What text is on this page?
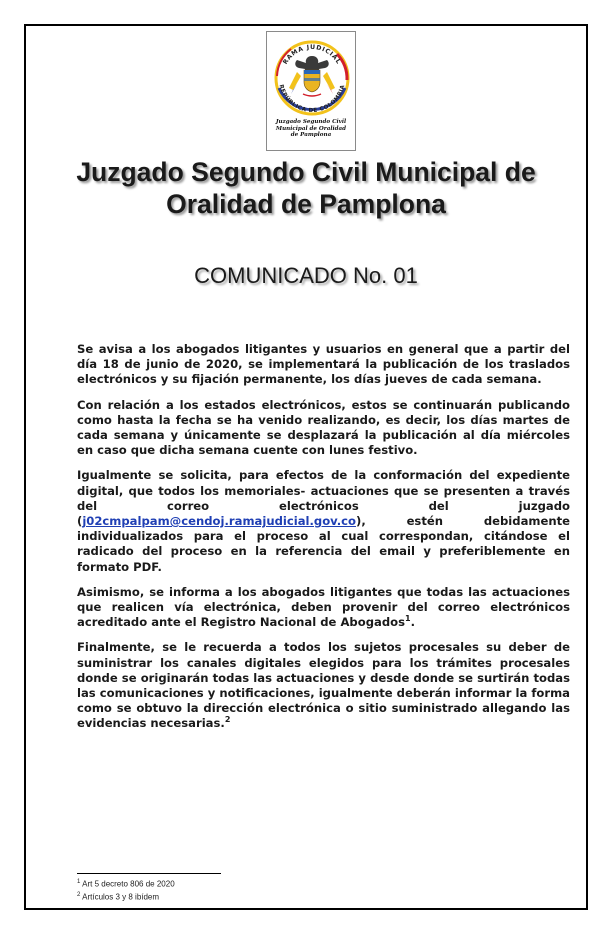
RAMA JUDICIAL
REPÚBLICA DE COLOMBIA
Juzgado Segundo Civil
Municipal de Oralidad
de Pamplona
Juzgado Segundo Civil Municipal de
Oralidad de Pamplona
COMUNICADO No. 01

Se avisa a los abogados litigantes y usuarios en general que a partir del día 18 de junio de 2020, se implementará la publicación de los traslados electrónicos y su fijación permanente, los días jueves de cada semana.

Con relación a los estados electrónicos, estos se continuarán publicando como hasta la fecha se ha venido realizando, es decir, los días martes de cada semana y únicamente se desplazará la publicación al día miércoles en caso que dicha semana cuente con lunes festivo.

Igualmente se solicita, para efectos de la conformación del expediente digital, que todos los memoriales- actuaciones que se presenten a través del correo electrónicos del juzgado (j02cmpalpam@cendoj.ramajudicial.gov.co), estén debidamente individualizados para el proceso al cual correspondan, citándose el radicado del proceso en la referencia del email y preferiblemente en formato PDF.

Asimismo, se informa a los abogados litigantes que todas las actuaciones que realicen vía electrónica, deben provenir del correo electrónicos acreditado ante el Registro Nacional de Abogados$^1$.

Finalmente, se le recuerda a todos los sujetos procesales su deber de suministrar los canales digitales elegidos para los trámites procesales donde se originarán todas las actuaciones y desde donde se surtirán todas las comunicaciones y notificaciones, igualmente deberán informar la forma como se obtuvo la dirección electrónica o sitio suministrado allegando las evidencias necesarias.$^2$

$^1$ Art 5 decreto 806 de 2020
$^2$ Artículos 3 y 8 ibídem
